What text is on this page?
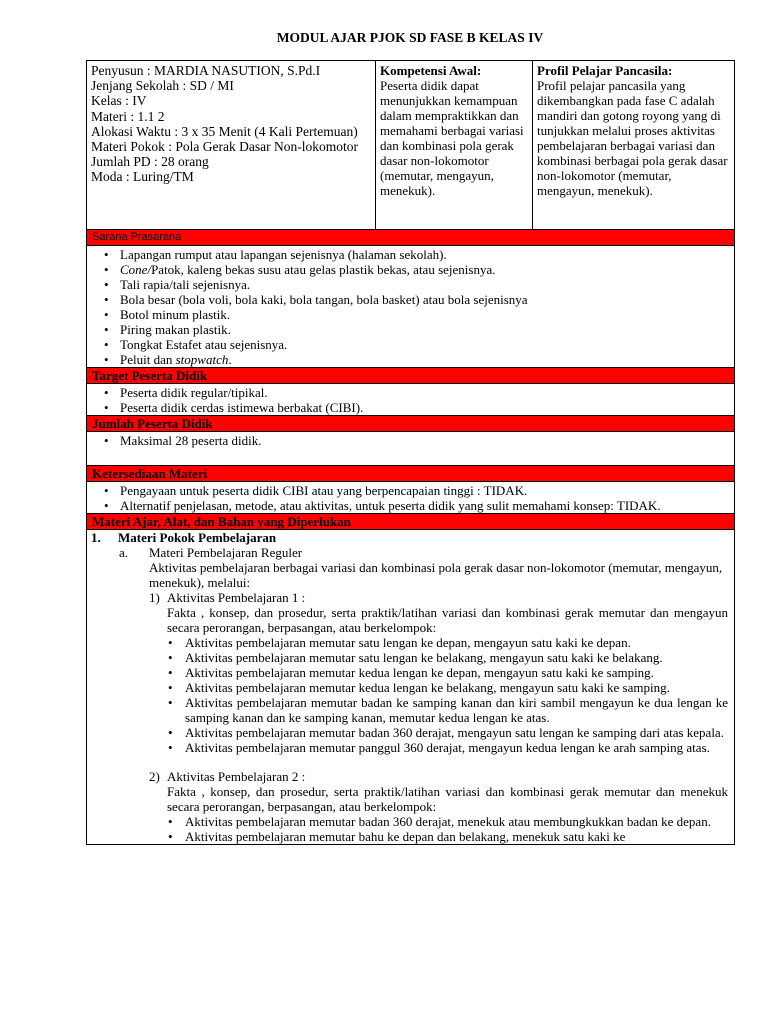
MODUL AJAR PJOK SD FASE B KELAS IV
Penyusun : MARDIA NASUTION, S.Pd.I
Jenjang Sekolah : SD / MI
Kelas : IV
Materi : 1.1 2
Alokasi Waktu : 3 x 35 Menit (4 Kali Pertemuan)
Materi Pokok : Pola Gerak Dasar Non-lokomotor
Jumlah PD : 28 orang
Moda : Luring/TM
Kompetensi Awal:
Peserta didik dapat menunjukkan kemampuan dalam mempraktikkan dan memahami berbagai variasi dan kombinasi pola gerak dasar non-lokomotor (memutar, mengayun, menekuk).
Profil Pelajar Pancasila:
Profil pelajar pancasila yang dikembangkan pada fase C adalah mandiri dan gotong royong yang di tunjukkan melalui proses aktivitas pembelajaran berbagai variasi dan kombinasi berbagai pola gerak dasar non-lokomotor (memutar, mengayun, menekuk).
Sarana Prasarana
• Lapangan rumput atau lapangan sejenisnya (halaman sekolah).
• Cone/Patok, kaleng bekas susu atau gelas plastik bekas, atau sejenisnya.
• Tali rapia/tali sejenisnya.
• Bola besar (bola voli, bola kaki, bola tangan, bola basket) atau bola sejenisnya
• Botol minum plastik.
• Piring makan plastik.
• Tongkat Estafet atau sejenisnya.
• Peluit dan stopwatch.
Target Peserta Didik
• Peserta didik regular/tipikal.
• Peserta didik cerdas istimewa berbakat (CIBI).
Jumlah Peserta Didik
• Maksimal 28 peserta didik.
Ketersediaan Materi
• Pengayaan untuk peserta didik CIBI atau yang berpencapaian tinggi : TIDAK.
• Alternatif penjelasan, metode, atau aktivitas, untuk peserta didik yang sulit memahami konsep: TIDAK.
Materi Ajar, Alat, dan Bahan yang Diperlukan
1.	Materi Pokok Pembelajaran
a.	Materi Pembelajaran Reguler
Aktivitas pembelajaran berbagai variasi dan kombinasi pola gerak dasar non-lokomotor (memutar, mengayun, menekuk), melalui:
1) Aktivitas Pembelajaran 1 :
Fakta , konsep, dan prosedur, serta praktik/latihan variasi dan kombinasi gerak memutar dan mengayun secara perorangan, berpasangan, atau berkelompok:
• Aktivitas pembelajaran memutar satu lengan ke depan, mengayun satu kaki ke depan.
• Aktivitas pembelajaran memutar satu lengan ke belakang, mengayun satu kaki ke belakang.
• Aktivitas pembelajaran memutar kedua lengan ke depan, mengayun satu kaki ke samping.
• Aktivitas pembelajaran memutar kedua lengan ke belakang, mengayun satu kaki ke samping.
• Aktivitas pembelajaran memutar badan ke samping kanan dan kiri sambil mengayun ke dua lengan ke samping kanan dan ke samping kanan, memutar kedua lengan ke atas.
• Aktivitas pembelajaran memutar badan 360 derajat, mengayun satu lengan ke samping dari atas kepala.
• Aktivitas pembelajaran memutar panggul 360 derajat, mengayun kedua lengan ke arah samping atas.
2) Aktivitas Pembelajaran 2 :
Fakta , konsep, dan prosedur, serta praktik/latihan variasi dan kombinasi gerak memutar dan menekuk secara perorangan, berpasangan, atau berkelompok:
• Aktivitas pembelajaran memutar badan 360 derajat, menekuk atau membungkukkan badan ke depan.
• Aktivitas pembelajaran memutar bahu ke depan dan belakang, menekuk satu kaki ke
